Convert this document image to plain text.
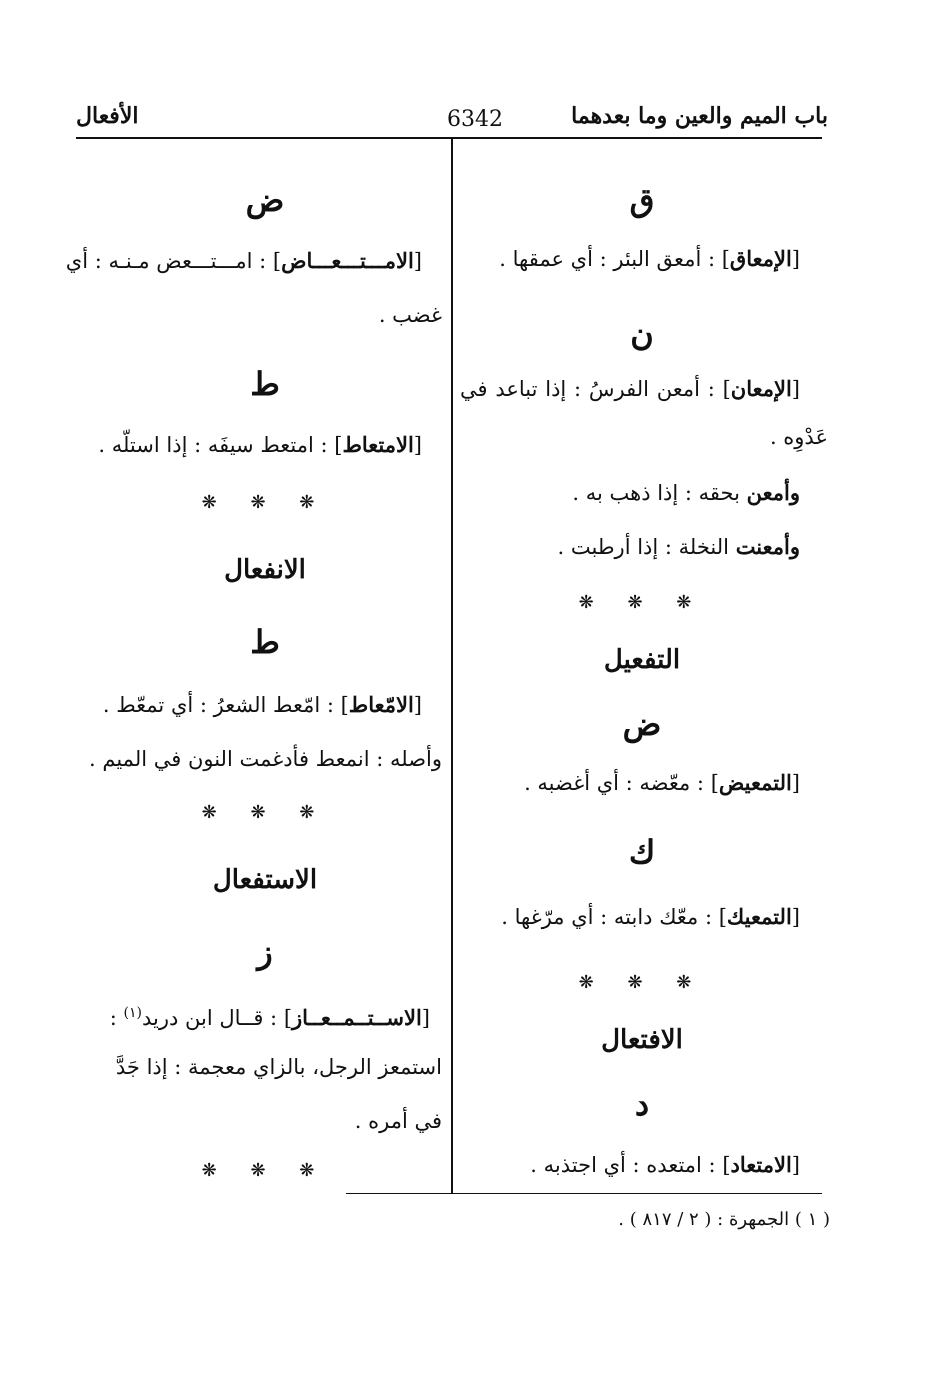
باب الميم والعين وما بعدهما
6342
الأفعال
ق
[الإمعاق] : أمعق البئر : أي عمقها .
ن
[الإمعان] : أمعن الفرسُ : إذا تباعد في
عَدْوِه .
وأمعن بحقه : إذا ذهب به .
وأمعنت النخلة : إذا أرطبت .
❋ ❋ ❋
التفعيل
ض
[التمعيض] : معّضه : أي أغضبه .
ك
[التمعيك] : معّك دابته : أي مرّغها .
❋ ❋ ❋
الافتعال
د
[الامتعاد] : امتعده : أي اجتذبه .
ض
[الامـــتـــعـــاض] : امـــتـــعض مـنـه : أي
غضب .
ط
[الامتعاط] : امتعط سيفَه : إذا استلّه .
❋ ❋ ❋
الانفعال
ط
[الامّعاط] : امّعط الشعرُ : أي تمعّط .
وأصله : انمعط فأدغمت النون في الميم .
❋ ❋ ❋
الاستفعال
ز
[الاســتــمــعــاز] : قــال ابن دريد$^{(١)}$ :
استمعز الرجل، بالزاي معجمة : إذا جَدَّ
في أمره .
❋ ❋ ❋
( ١ ) الجمهرة : ( ٢ / ٨١٧ ) .
